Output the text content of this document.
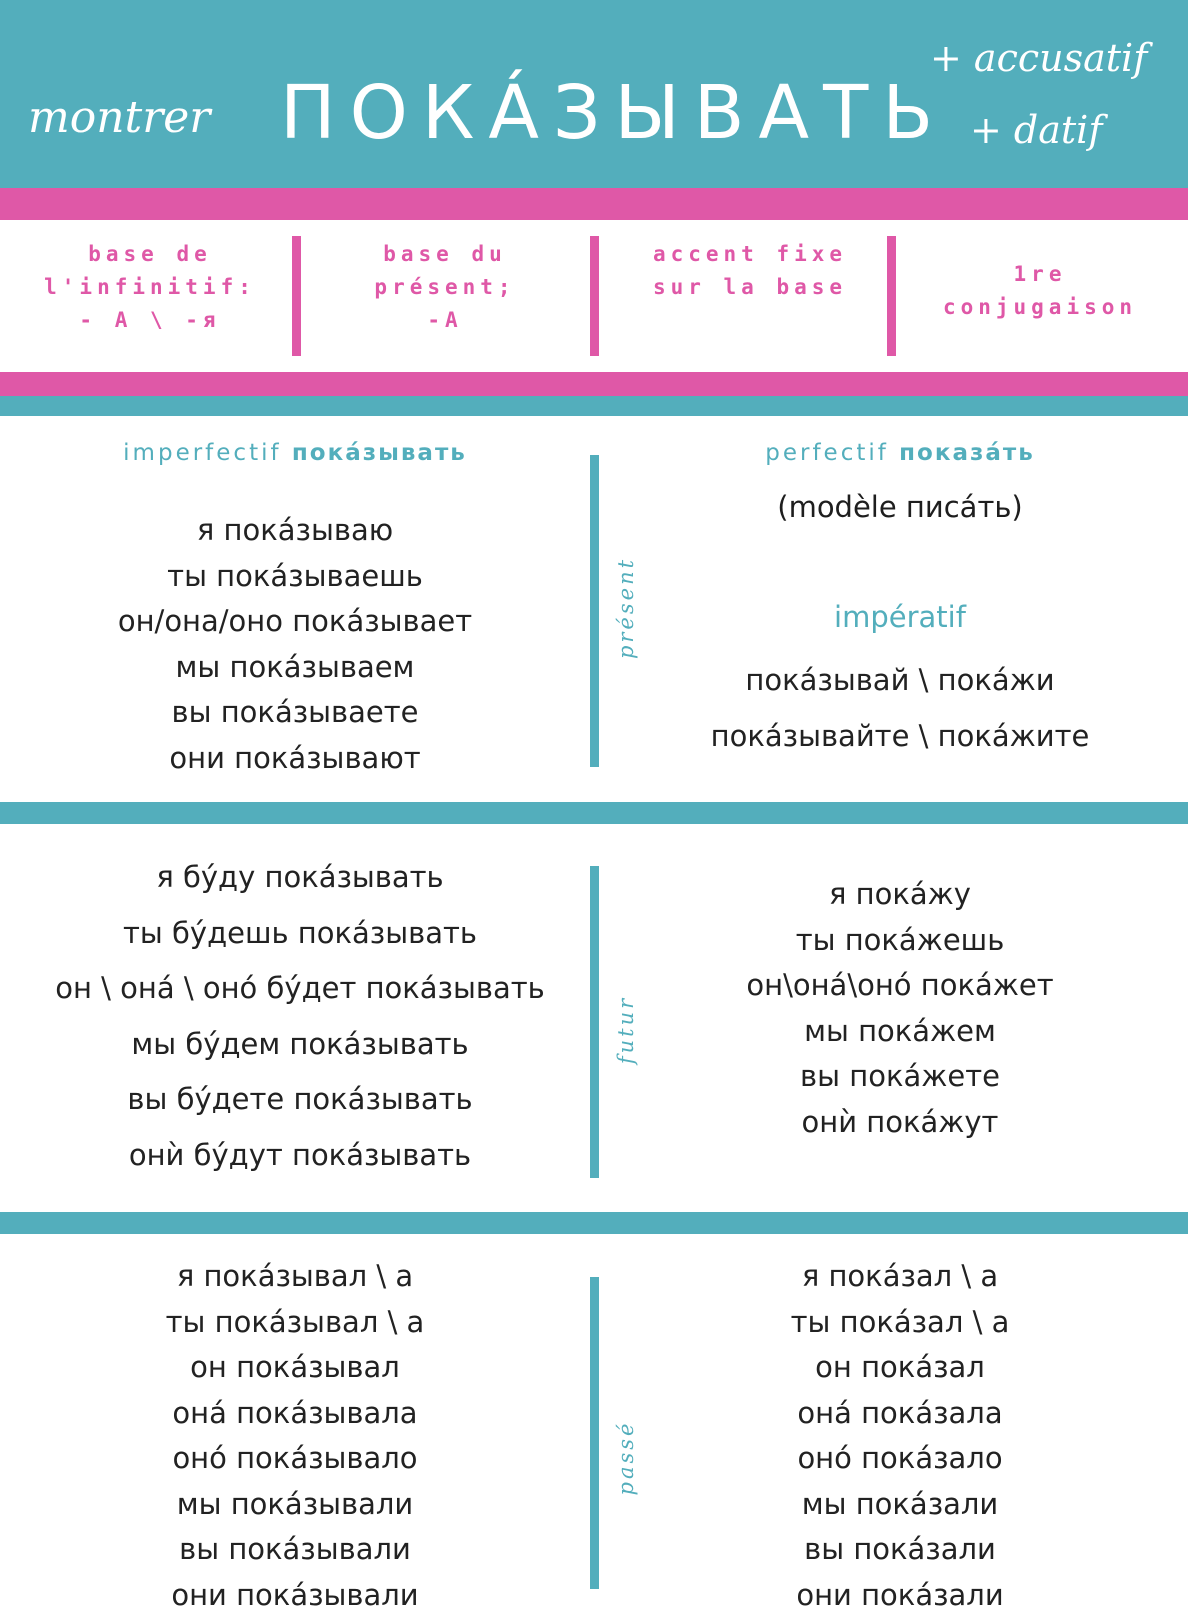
montrer ПОКÁЗЫВАТЬ
+ accusatif
+ datif
base de
l'infinitif:
- А \ -я
base du
présent;
-А
accent fixe
sur la base
1re
conjugaison
imperfectif покáзывать	perfectif показáть
я покáзываю
ты покáзываешь
он/она/оно покáзывает
мы покáзываем
вы покáзываете
они покáзывают
présent
(modèle писáть)
impératif
покáзывай \ покáжи
покáзывайте \ покáжите
я бýду покáзывать
ты бýдешь покáзывать
он \ онá \ онó бýдет покáзывать
мы бýдем покáзывать
вы бýдете покáзывать
онѝ бýдут покáзывать
futur
я покáжу
ты покáжешь
он\онá\онó покáжет
мы покáжем
вы покáжете
онѝ покáжут
я покáзывал \ а
ты покáзывал \ а
он покáзывал
онá покáзывала
онó покáзывало
мы покáзывали
вы покáзывали
они покáзывали
passé
я покáзал \ а
ты покáзал \ а
он покáзал
онá покáзала
онó покáзало
мы покáзали
вы покáзали
они покáзали
